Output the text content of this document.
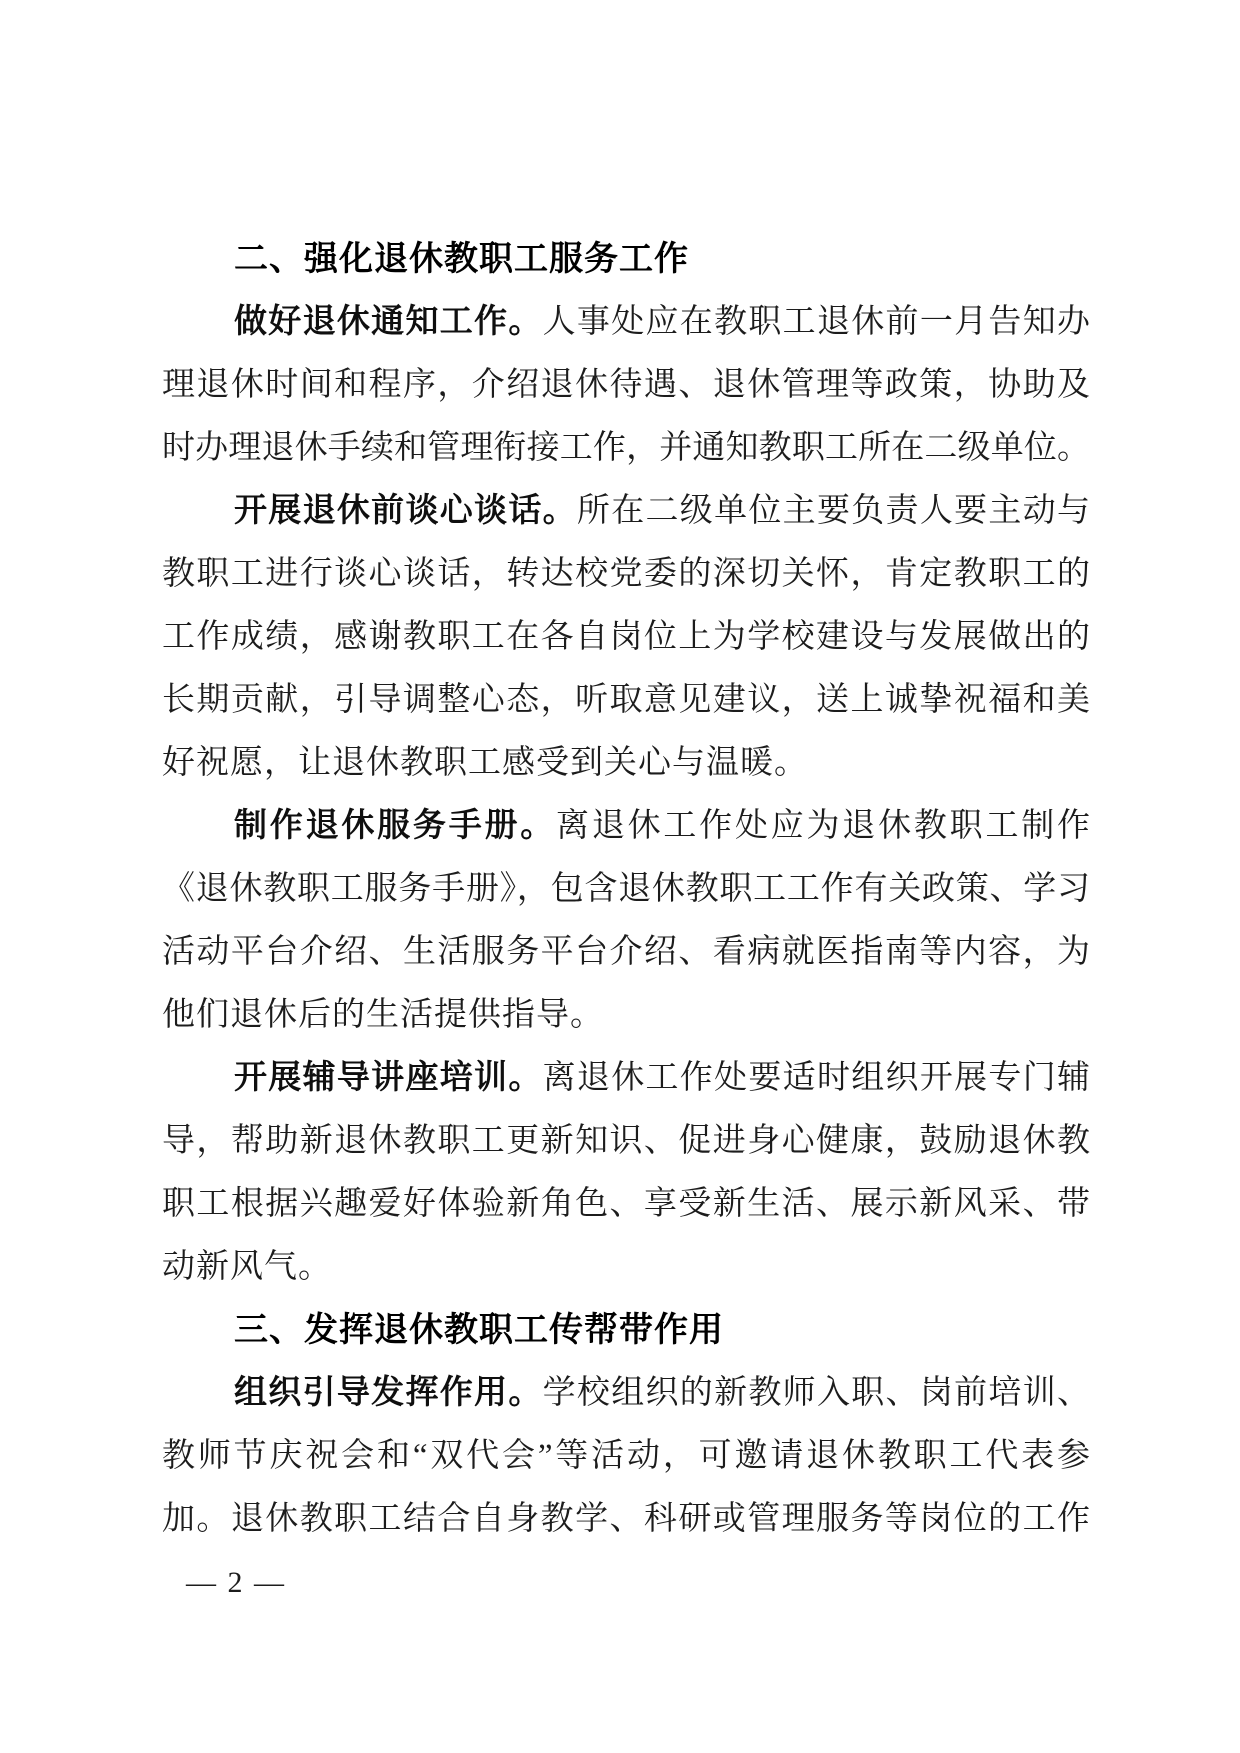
二、强化退休教职工服务工作
做好退休通知工作。人事处应在教职工退休前一月告知办
理退休时间和程序，介绍退休待遇、退休管理等政策，协助及
时办理退休手续和管理衔接工作，并通知教职工所在二级单位。
开展退休前谈心谈话。所在二级单位主要负责人要主动与
教职工进行谈心谈话，转达校党委的深切关怀，肯定教职工的
工作成绩，感谢教职工在各自岗位上为学校建设与发展做出的
长期贡献，引导调整心态，听取意见建议，送上诚挚祝福和美
好祝愿，让退休教职工感受到关心与温暖。
制作退休服务手册。离退休工作处应为退休教职工制作
《退休教职工服务手册》，包含退休教职工工作有关政策、学习
活动平台介绍、生活服务平台介绍、看病就医指南等内容，为
他们退休后的生活提供指导。
开展辅导讲座培训。离退休工作处要适时组织开展专门辅
导，帮助新退休教职工更新知识、促进身心健康，鼓励退休教
职工根据兴趣爱好体验新角色、享受新生活、展示新风采、带
动新风气。
三、发挥退休教职工传帮带作用
组织引导发挥作用。学校组织的新教师入职、岗前培训、
教师节庆祝会和“双代会”等活动，可邀请退休教职工代表参
加。退休教职工结合自身教学、科研或管理服务等岗位的工作
— 2 —
